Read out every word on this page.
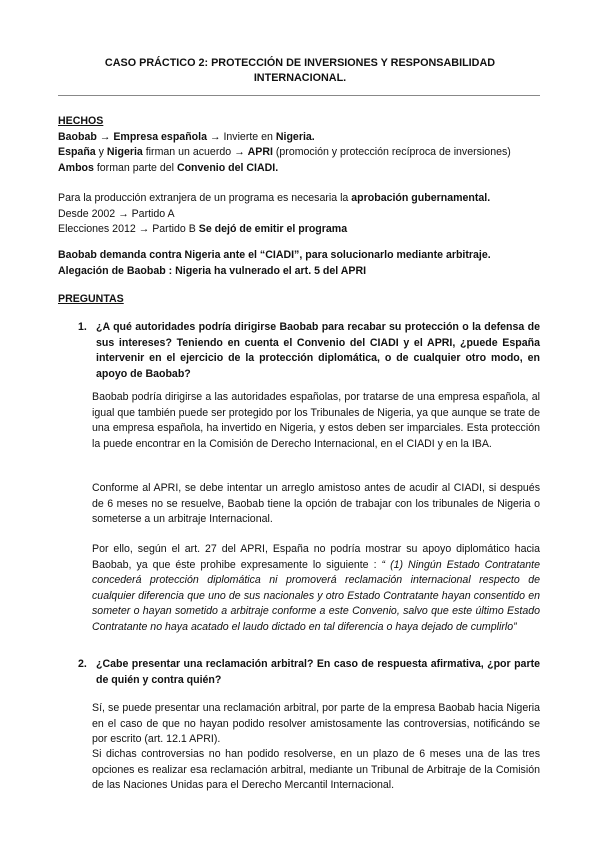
CASO PRÁCTICO 2: PROTECCIÓN DE INVERSIONES Y RESPONSABILIDAD INTERNACIONAL.
HECHOS
Baobab → Empresa española → Invierte en Nigeria.
España y Nigeria firman un acuerdo → APRI (promoción y protección recíproca de inversiones)
Ambos forman parte del Convenio del CIADI.
Para la producción extranjera de un programa es necesaria la aprobación gubernamental.
Desde 2002 → Partido A
Elecciones 2012 → Partido B Se dejó de emitir el programa
Baobab demanda contra Nigeria ante el “CIADI”, para solucionarlo mediante arbitraje.
Alegación de Baobab : Nigeria ha vulnerado el art. 5 del APRI
PREGUNTAS
1. ¿A qué autoridades podría dirigirse Baobab para recabar su protección o la defensa de sus intereses? Teniendo en cuenta el Convenio del CIADI y el APRI, ¿puede España intervenir en el ejercicio de la protección diplomática, o de cualquier otro modo, en apoyo de Baobab?
Baobab podría dirigirse a las autoridades españolas, por tratarse de una empresa española, al igual que también puede ser protegido por los Tribunales de Nigeria, ya que aunque se trate de una empresa española, ha invertido en Nigeria, y estos deben ser imparciales. Esta protección la puede encontrar en la Comisión de Derecho Internacional, en el CIADI y en la IBA.
Conforme al APRI, se debe intentar un arreglo amistoso antes de acudir al CIADI, si después de 6 meses no se resuelve, Baobab tiene la opción de trabajar con los tribunales de Nigeria o someterse a un arbitraje Internacional.
Por ello, según el art. 27 del APRI, España no podría mostrar su apoyo diplomático hacia Baobab, ya que éste prohibe expresamente lo siguiente : “ (1) Ningún Estado Contratante concederá protección diplomática ni promoverá reclamación internacional respecto de cualquier diferencia que uno de sus nacionales y otro Estado Contratante hayan consentido en someter o hayan sometido a arbitraje conforme a este Convenio, salvo que este último Estado Contratante no haya acatado el laudo dictado en tal diferencia o haya dejado de cumplirlo”
2. ¿Cabe presentar una reclamación arbitral? En caso de respuesta afirmativa, ¿por parte de quién y contra quién?
Sí, se puede presentar una reclamación arbitral, por parte de la empresa Baobab hacia Nigeria en el caso de que no hayan podido resolver amistosamente las controversias, notificándo se por escrito (art. 12.1 APRI).
Si dichas controversias no han podido resolverse, en un plazo de 6 meses una de las tres opciones es realizar esa reclamación arbitral, mediante un Tribunal de Arbitraje de la Comisión de las Naciones Unidas para el Derecho Mercantil Internacional.
